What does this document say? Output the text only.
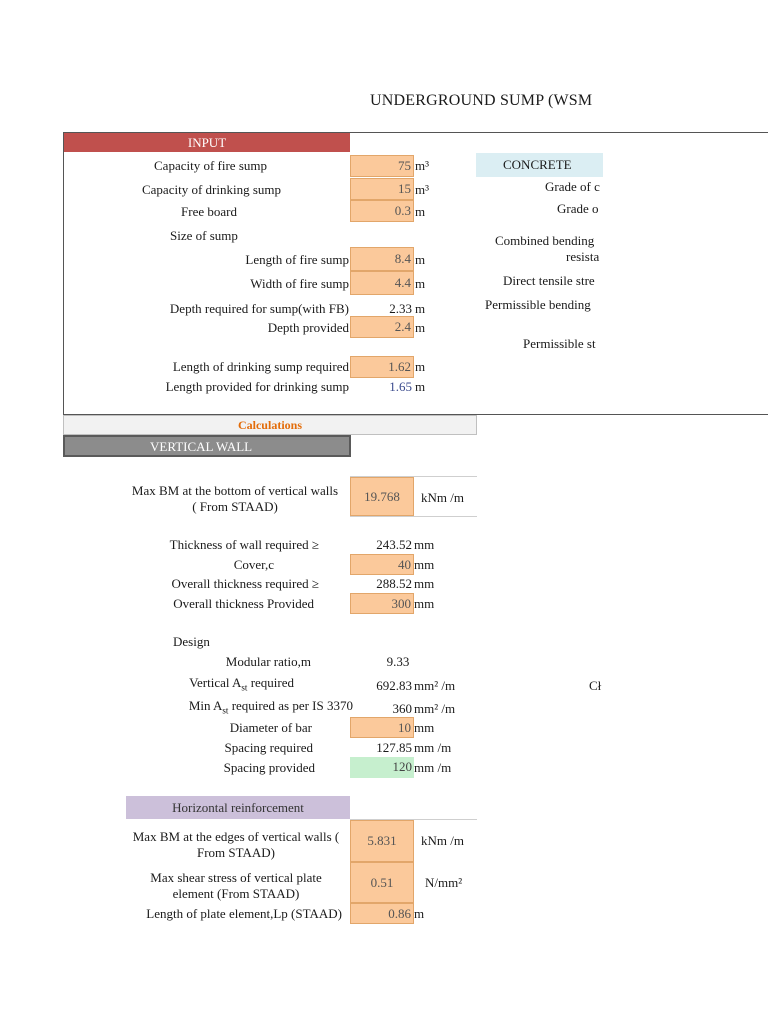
UNDERGROUND SUMP (WSM
INPUT
Capacity of fire sump	75 m³
Capacity of drinking sump	15 m³
Free board	0.3 m
Size of sump
Length of fire sump	8.4 m
Width of fire sump	4.4 m
Depth required for sump(with FB)	2.33 m
Depth provided	2.4 m
Length of drinking sump required	1.62 m
Length provided for drinking sump	1.65 m
CONCRETE
Grade of c
Grade o
Combined bending
resista
Direct tensile stre
Permissible bending
Permissible st
Calculations
VERTICAL WALL
Max BM at the bottom of vertical walls
( From STAAD)
19.768	kNm /m
Thickness of wall required ≥	243.52 mm
Cover,c	40 mm
Overall thickness required ≥	288.52 mm
Overall thickness Provided	300 mm
Design
Modular ratio,m	9.33
Vertical $A_{st}$ required	692.83 mm² /m
Min $A_{st}$ required as per IS 3370	360 mm² /m
Diameter of bar	10 mm
Spacing required	127.85 mm /m
Spacing provided	120 mm /m
Cł
Horizontal reinforcement
Max BM at the edges of vertical walls (
From STAAD)
5.831	kNm /m
Max shear stress of vertical plate
element (From STAAD)
0.51	N/mm²
Length of plate element,Lp (STAAD)	0.86 m
